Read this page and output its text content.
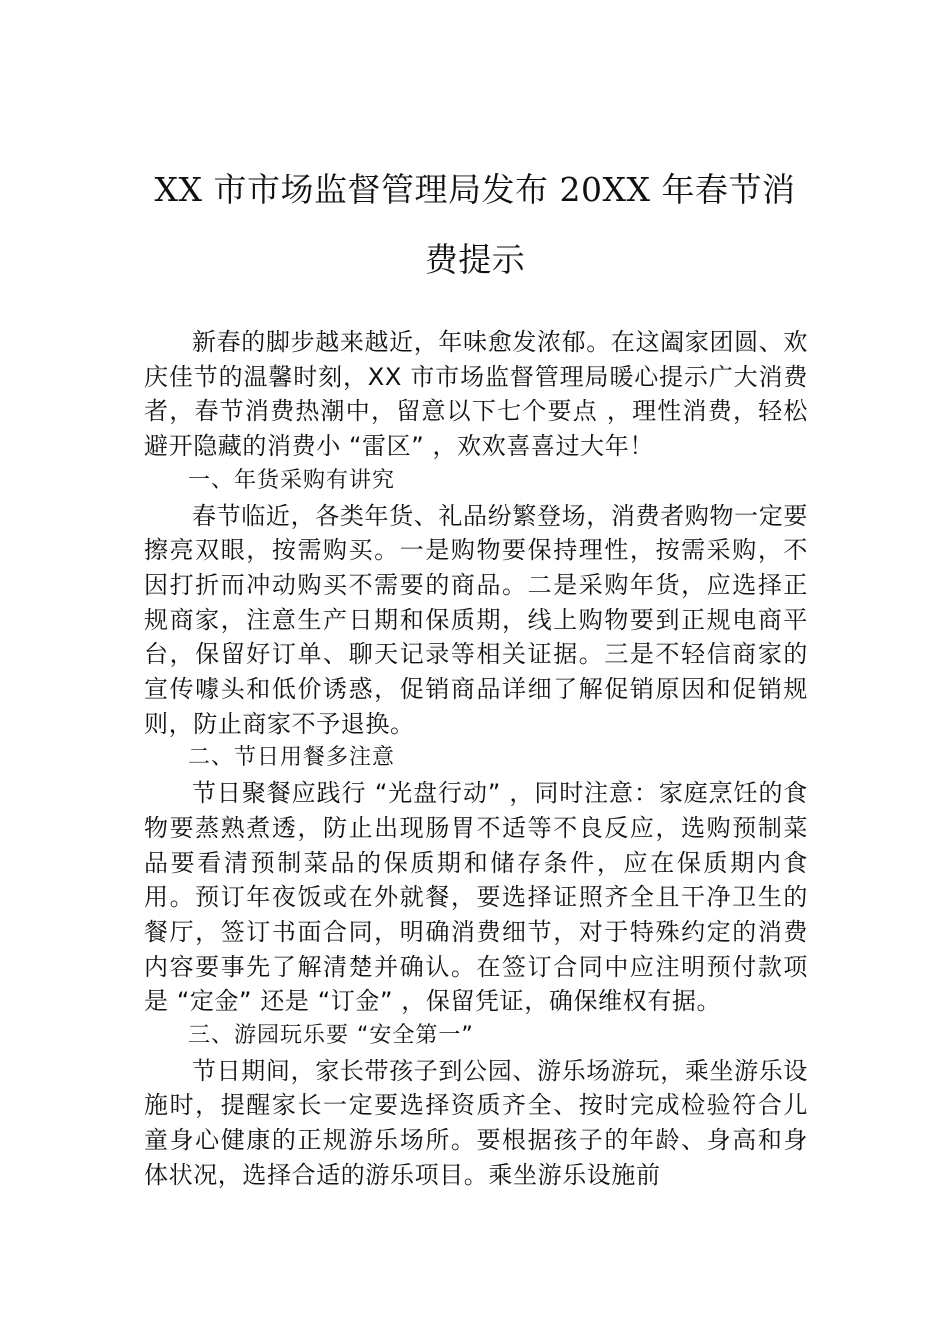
XX 市市场监督管理局发布 20XX 年春节消费提示

新春的脚步越来越近，年味愈发浓郁。在这阖家团圆、欢庆佳节的温馨时刻，XX 市市场监督管理局暖心提示广大消费者，春节消费热潮中，留意以下七个要点 ，理性消费，轻松避开隐藏的消费小 “雷区” ，欢欢喜喜过大年！

一、年货采购有讲究

春节临近，各类年货、礼品纷繁登场，消费者购物一定要擦亮双眼，按需购买。一是购物要保持理性，按需采购，不因打折而冲动购买不需要的商品。二是采购年货，应选择正规商家，注意生产日期和保质期，线上购物要到正规电商平台，保留好订单、聊天记录等相关证据。三是不轻信商家的宣传噱头和低价诱惑，促销商品详细了解促销原因和促销规则，防止商家不予退换。

二、节日用餐多注意

节日聚餐应践行 “光盘行动” ，同时注意：家庭烹饪的食物要蒸熟煮透，防止出现肠胃不适等不良反应，选购预制菜品要看清预制菜品的保质期和储存条件，应在保质期内食用。预订年夜饭或在外就餐，要选择证照齐全且干净卫生的餐厅，签订书面合同，明确消费细节，对于特殊约定的消费内容要事先了解清楚并确认。在签订合同中应注明预付款项是 “定金” 还是 “订金” ，保留凭证，确保维权有据。

三、游园玩乐要 “安全第一”

节日期间，家长带孩子到公园、游乐场游玩，乘坐游乐设施时，提醒家长一定要选择资质齐全、按时完成检验符合儿童身心健康的正规游乐场所。要根据孩子的年龄、身高和身体状况，选择合适的游乐项目。乘坐游乐设施前
